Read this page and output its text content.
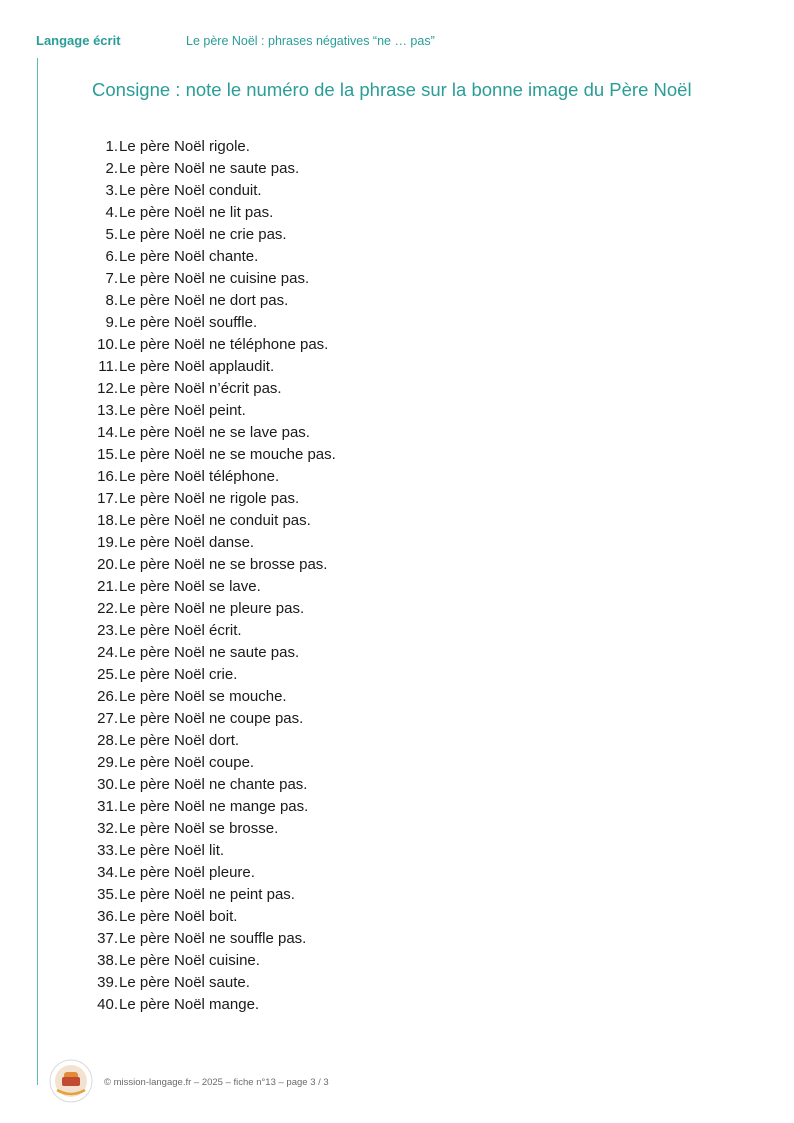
Langage écrit	Le père Noël : phrases négatives “ne … pas”
Consigne : note le numéro de la phrase sur la bonne image du Père Noël
1. Le père Noël rigole.
2. Le père Noël ne saute pas.
3. Le père Noël conduit.
4. Le père Noël ne lit pas.
5. Le père Noël ne crie pas.
6. Le père Noël chante.
7. Le père Noël ne cuisine pas.
8. Le père Noël ne dort pas.
9. Le père Noël souffle.
10. Le père Noël ne téléphone pas.
11. Le père Noël applaudit.
12. Le père Noël n’écrit pas.
13. Le père Noël peint.
14. Le père Noël ne se lave pas.
15. Le père Noël ne se mouche pas.
16. Le père Noël téléphone.
17. Le père Noël ne rigole pas.
18. Le père Noël ne conduit pas.
19. Le père Noël danse.
20. Le père Noël ne se brosse pas.
21. Le père Noël se lave.
22. Le père Noël ne pleure pas.
23. Le père Noël écrit.
24. Le père Noël ne saute pas.
25. Le père Noël crie.
26. Le père Noël se mouche.
27. Le père Noël ne coupe pas.
28. Le père Noël dort.
29. Le père Noël coupe.
30. Le père Noël ne chante pas.
31. Le père Noël ne mange pas.
32. Le père Noël se brosse.
33. Le père Noël lit.
34. Le père Noël pleure.
35. Le père Noël ne peint pas.
36. Le père Noël boit.
37. Le père Noël ne souffle pas.
38. Le père Noël cuisine.
39. Le père Noël saute.
40. Le père Noël mange.
© mission-langage.fr – 2025 – fiche n°13 – page 3 / 3
